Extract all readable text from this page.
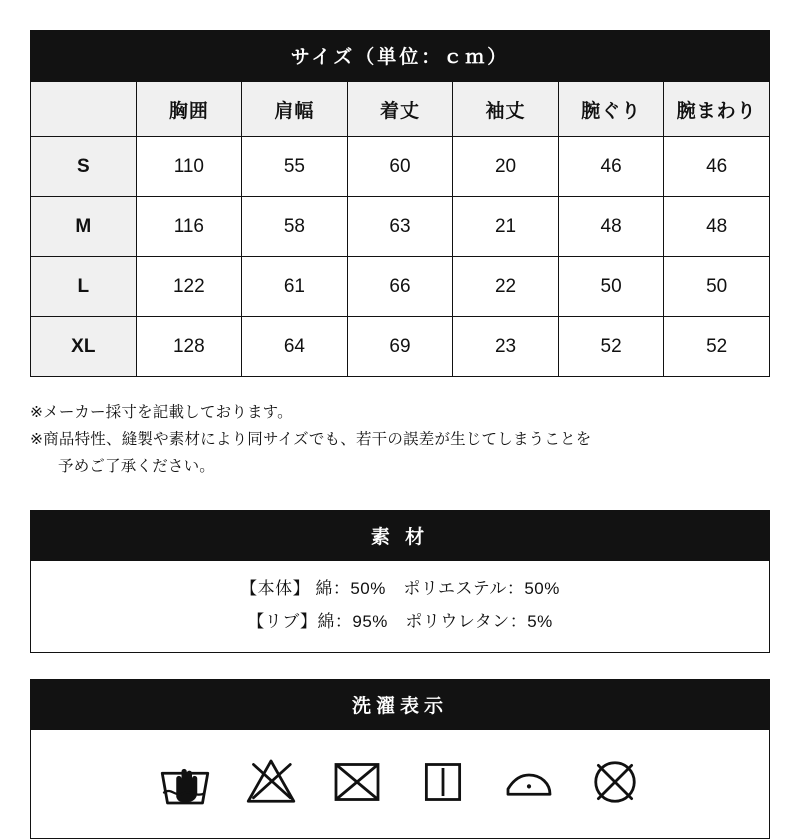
サイズ（単位：ｃｍ）						
	胸囲	肩幅	着丈	袖丈	腕ぐり	腕まわり
S	110	55	60	20	46	46
M	116	58	63	21	48	48
L	122	61	66	22	50	50
XL	128	64	69	23	52	52
※メーカー採寸を記載しております。
※商品特性、縫製や素材により同サイズでも、若干の誤差が生じてしまうことを
予めご了承ください。
素 材
【本体】 綿：50%　ポリエステル：50%
【リブ】綿：95%　ポリウレタン：5%
洗濯表示
